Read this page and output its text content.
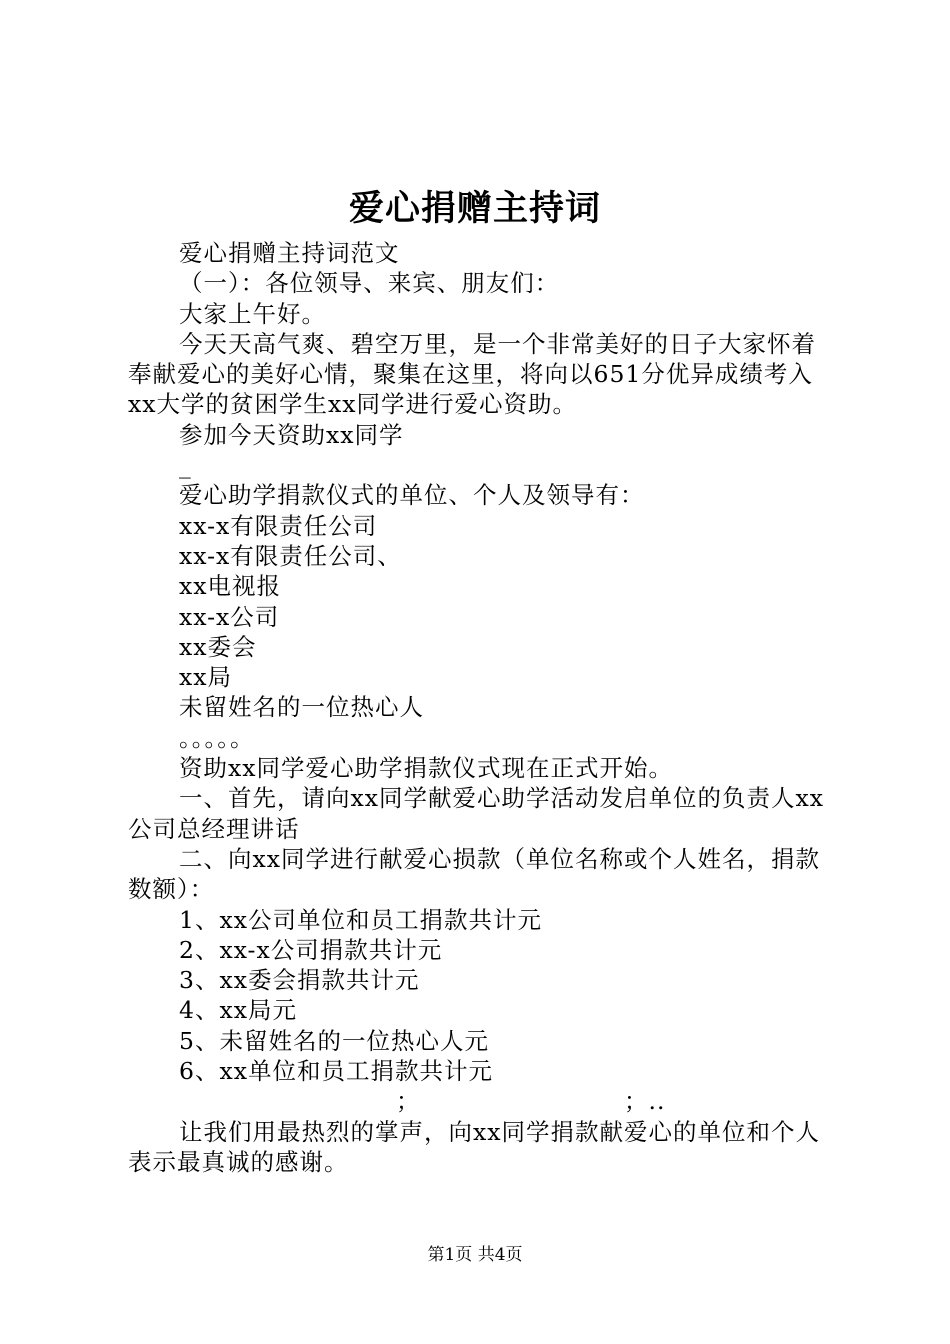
爱心捐赠主持词

爱心捐赠主持词范文

（一）：各位领导、来宾、朋友们：

大家上午好。

今天天高气爽、碧空万里，是一个非常美好的日子大家怀着奉献爱心的美好心情，聚集在这里，将向以651分优异成绩考入xx大学的贫困学生xx同学进行爱心资助。

参加今天资助xx同学

_

爱心助学捐款仪式的单位、个人及领导有：

xx-x有限责任公司

xx-x有限责任公司、

xx电视报

xx-x公司

xx委会

xx局

未留姓名的一位热心人

。。。。。

资助xx同学爱心助学捐款仪式现在正式开始。

一、首先，请向xx同学献爱心助学活动发启单位的负责人xx公司总经理讲话

二、向xx同学进行献爱心损款（单位名称或个人姓名，捐款数额）：

1、xx公司单位和员工捐款共计元

2、xx-x公司捐款共计元

3、xx委会捐款共计元

4、xx局元

5、未留姓名的一位热心人元

6、xx单位和员工捐款共计元

；	；..

让我们用最热烈的掌声，向xx同学捐款献爱心的单位和个人表示最真诚的感谢。

第1页 共4页
